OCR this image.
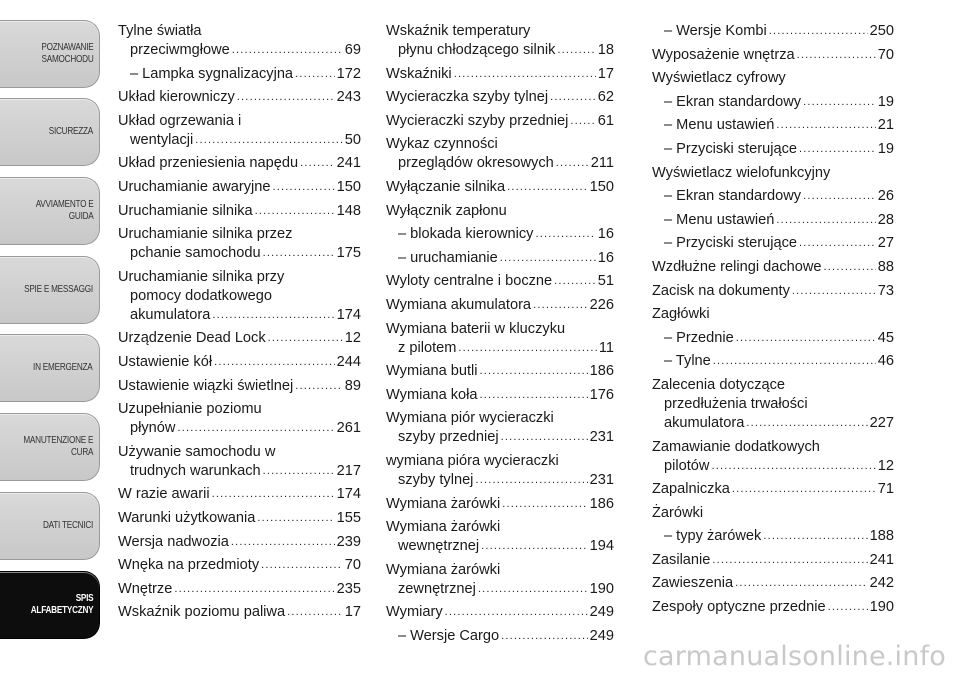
POZNAWANIE
SAMOCHODU
SICUREZZA
AVVIAMENTO E
GUIDA
SPIE E MESSAGGI
IN EMERGENZA
MANUTENZIONE E
CURA
DATI TECNICI
SPIS
ALFABETYCZNY
Tylne światła
przeciwmgłowe .....	69
– Lampka sygnalizacyjna .....	172
Układ kierowniczy .....	243
Układ ogrzewania i
wentylacji .....	50
Układ przeniesienia napędu .....	241
Uruchamianie awaryjne .....	150
Uruchamianie silnika .....	148
Uruchamianie silnika przez
pchanie samochodu .....	175
Uruchamianie silnika przy
pomocy dodatkowego
akumulatora .....	174
Urządzenie Dead Lock .....	12
Ustawienie kół .....	244
Ustawienie wiązki świetlnej .....	89
Uzupełnianie poziomu
płynów .....	261
Używanie samochodu w
trudnych warunkach .....	217
W razie awarii .....	174
Warunki użytkowania .....	155
Wersja nadwozia .....	239
Wnęka na przedmioty .....	70
Wnętrze .....	235
Wskaźnik poziomu paliwa .....	17
Wskaźnik temperatury
płynu chłodzącego silnik .....	18
Wskaźniki .....	17
Wycieraczka szyby tylnej .....	62
Wycieraczki szyby przedniej ..... 61
Wykaz czynności
przeglądów okresowych .....	211
Wyłączanie silnika .....	150
Wyłącznik zapłonu
– blokada kierownicy .....	16
– uruchamianie .....	16
Wyloty centralne i boczne .....	51
Wymiana akumulatora .....	226
Wymiana baterii w kluczyku
z pilotem .....	11
Wymiana butli .....	186
Wymiana koła .....	176
Wymiana piór wycieraczki
szyby przedniej .....	231
wymiana pióra wycieraczki
szyby tylnej .....	231
Wymiana żarówki .....	186
Wymiana żarówki
wewnętrznej .....	194
Wymiana żarówki
zewnętrznej .....	190
Wymiary .....	249
– Wersje Cargo .....	249
– Wersje Kombi .....	250
Wyposażenie wnętrza .....	70
Wyświetlacz cyfrowy
– Ekran standardowy .....	19
– Menu ustawień .....	21
– Przyciski sterujące .....	19
Wyświetlacz wielofunkcyjny
– Ekran standardowy .....	26
– Menu ustawień .....	28
– Przyciski sterujące .....	27
Wzdłużne relingi dachowe .....	88
Zacisk na dokumenty .....	73
Zagłówki
– Przednie .....	45
– Tylne .....	46
Zalecenia dotyczące
przedłużenia trwałości
akumulatora .....	227
Zamawianie dodatkowych
pilotów .....	12
Zapalniczka .....	71
Żarówki
– typy żarówek .....	188
Zasilanie .....	241
Zawieszenia .....	242
Zespoły optyczne przednie .....	190
carmanualsonline.info
